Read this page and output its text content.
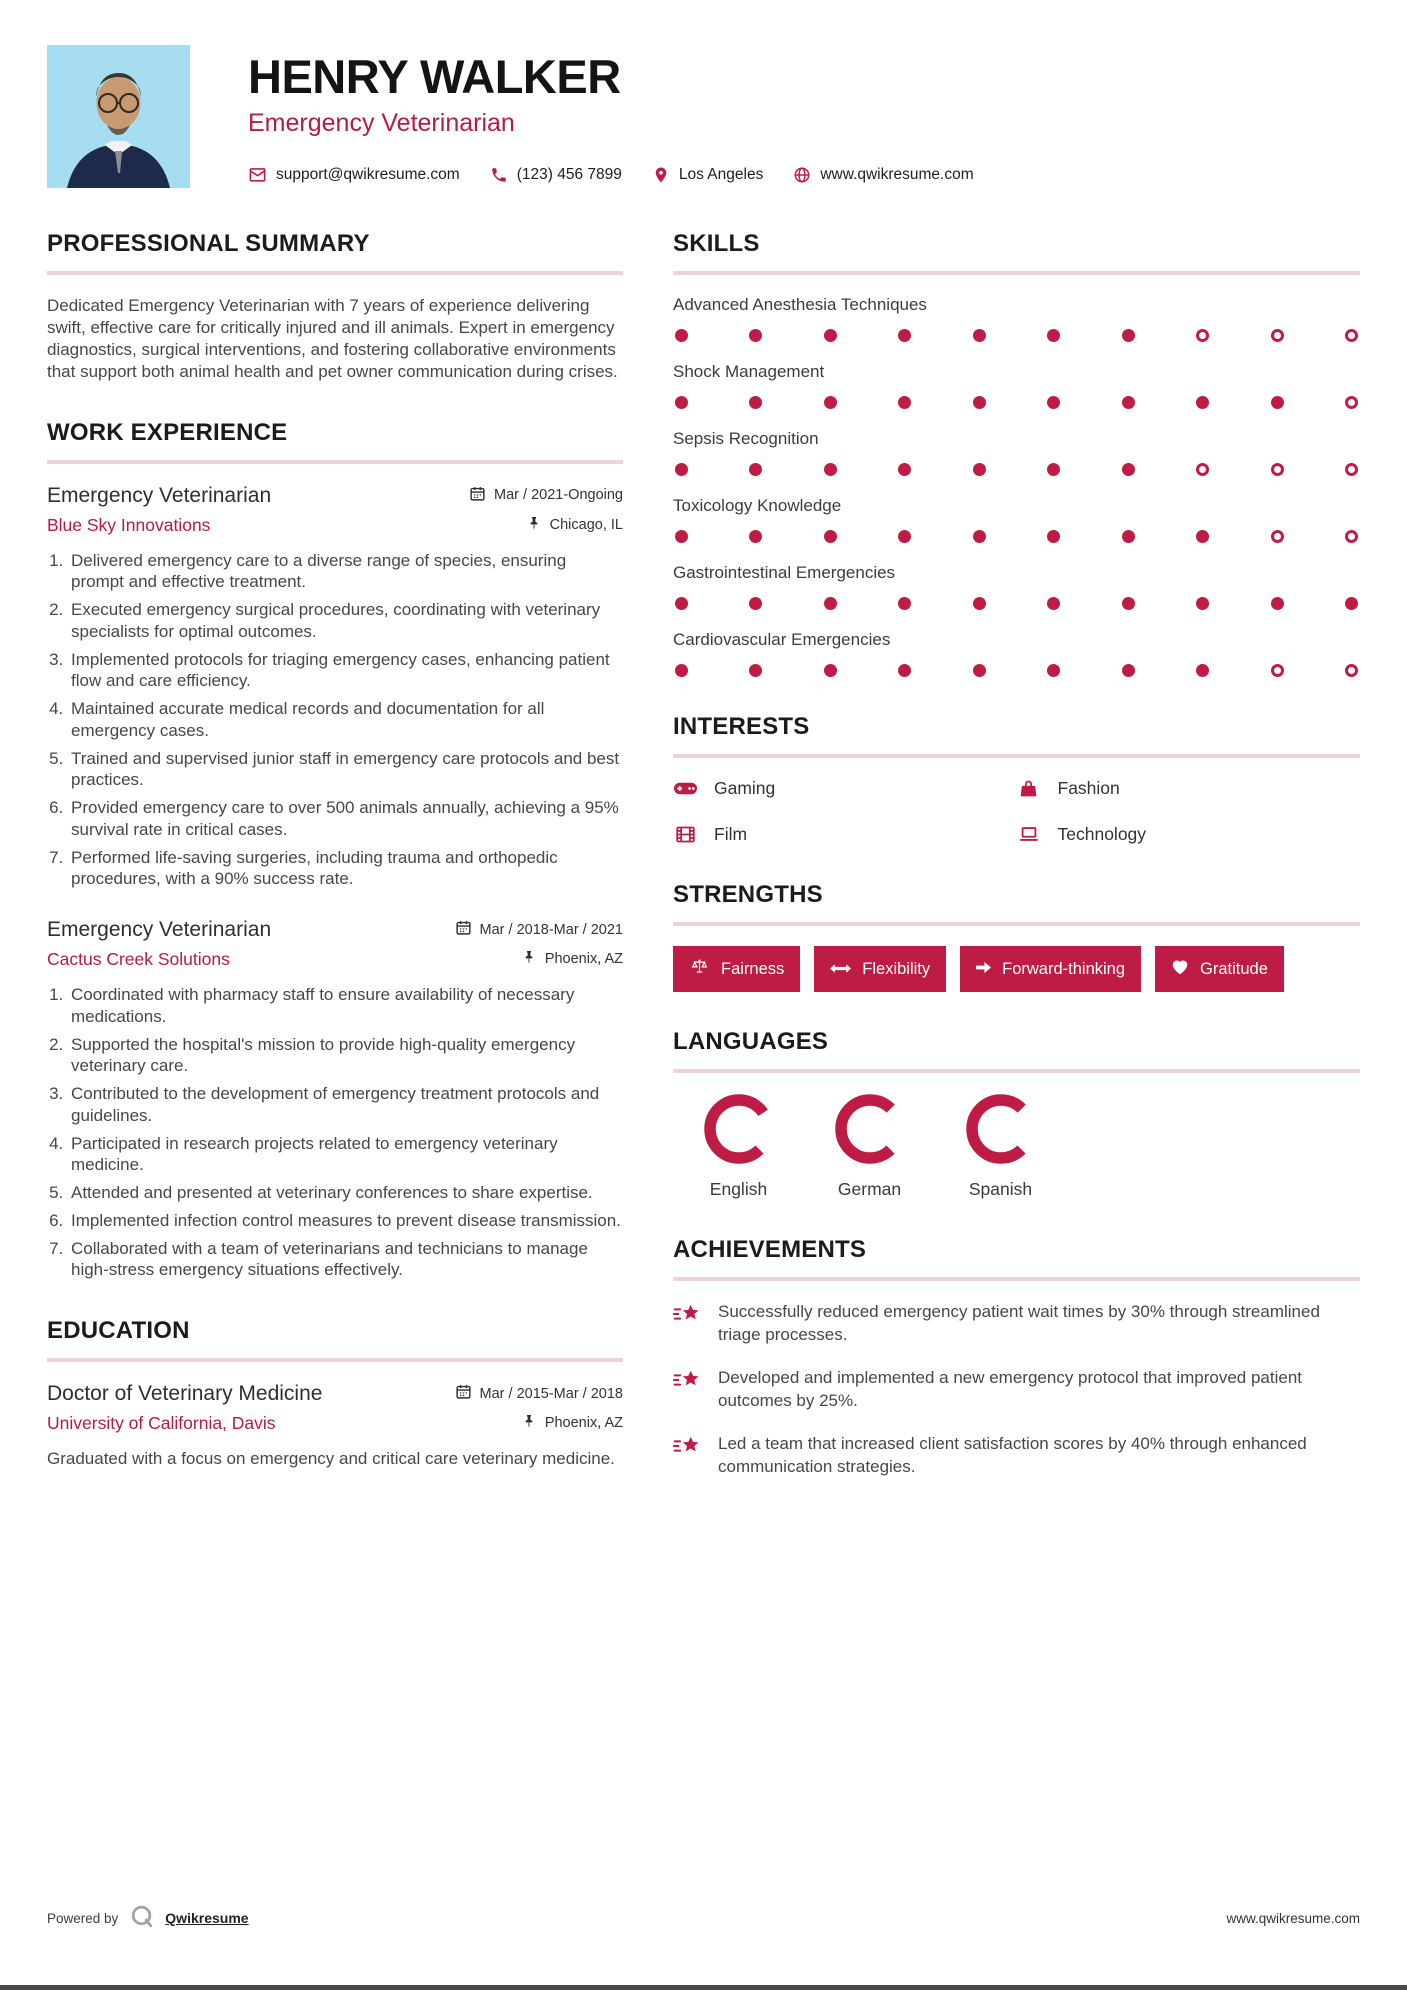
HENRY WALKER
Emergency Veterinarian
support@qwikresume.com	(123) 456 7899	Los Angeles	www.qwikresume.com
PROFESSIONAL SUMMARY

Dedicated Emergency Veterinarian with 7 years of experience delivering swift, effective care for critically injured and ill animals. Expert in emergency diagnostics, surgical interventions, and fostering collaborative environments that support both animal health and pet owner communication during crises.

WORK EXPERIENCE
Emergency Veterinarian	Mar / 2021-Ongoing
Blue Sky Innovations	Chicago, IL
1. Delivered emergency care to a diverse range of species, ensuring prompt and effective treatment.
2. Executed emergency surgical procedures, coordinating with veterinary specialists for optimal outcomes.
3. Implemented protocols for triaging emergency cases, enhancing patient flow and care efficiency.
4. Maintained accurate medical records and documentation for all emergency cases.
5. Trained and supervised junior staff in emergency care protocols and best practices.
6. Provided emergency care to over 500 animals annually, achieving a 95% survival rate in critical cases.
7. Performed life-saving surgeries, including trauma and orthopedic procedures, with a 90% success rate.
Emergency Veterinarian	Mar / 2018-Mar / 2021
Cactus Creek Solutions	Phoenix, AZ
1. Coordinated with pharmacy staff to ensure availability of necessary medications.
2. Supported the hospital's mission to provide high-quality emergency veterinary care.
3. Contributed to the development of emergency treatment protocols and guidelines.
4. Participated in research projects related to emergency veterinary medicine.
5. Attended and presented at veterinary conferences to share expertise.
6. Implemented infection control measures to prevent disease transmission.
7. Collaborated with a team of veterinarians and technicians to manage high-stress emergency situations effectively.
EDUCATION
Doctor of Veterinary Medicine	Mar / 2015-Mar / 2018
University of California, Davis	Phoenix, AZ

Graduated with a focus on emergency and critical care veterinary medicine.

SKILLS
Advanced Anesthesia Techniques
Shock Management
Sepsis Recognition
Toxicology Knowledge
Gastrointestinal Emergencies
Cardiovascular Emergencies
INTERESTS
Gaming	Fashion
Film	Technology
STRENGTHS
Fairness	Flexibility	Forward-thinking	Gratitude
LANGUAGES
English	German	Spanish
ACHIEVEMENTS
Successfully reduced emergency patient wait times by 30% through streamlined triage processes.
Developed and implemented a new emergency protocol that improved patient outcomes by 25%.
Led a team that increased client satisfaction scores by 40% through enhanced communication strategies.
Powered by	Qwikresume	www.qwikresume.com
